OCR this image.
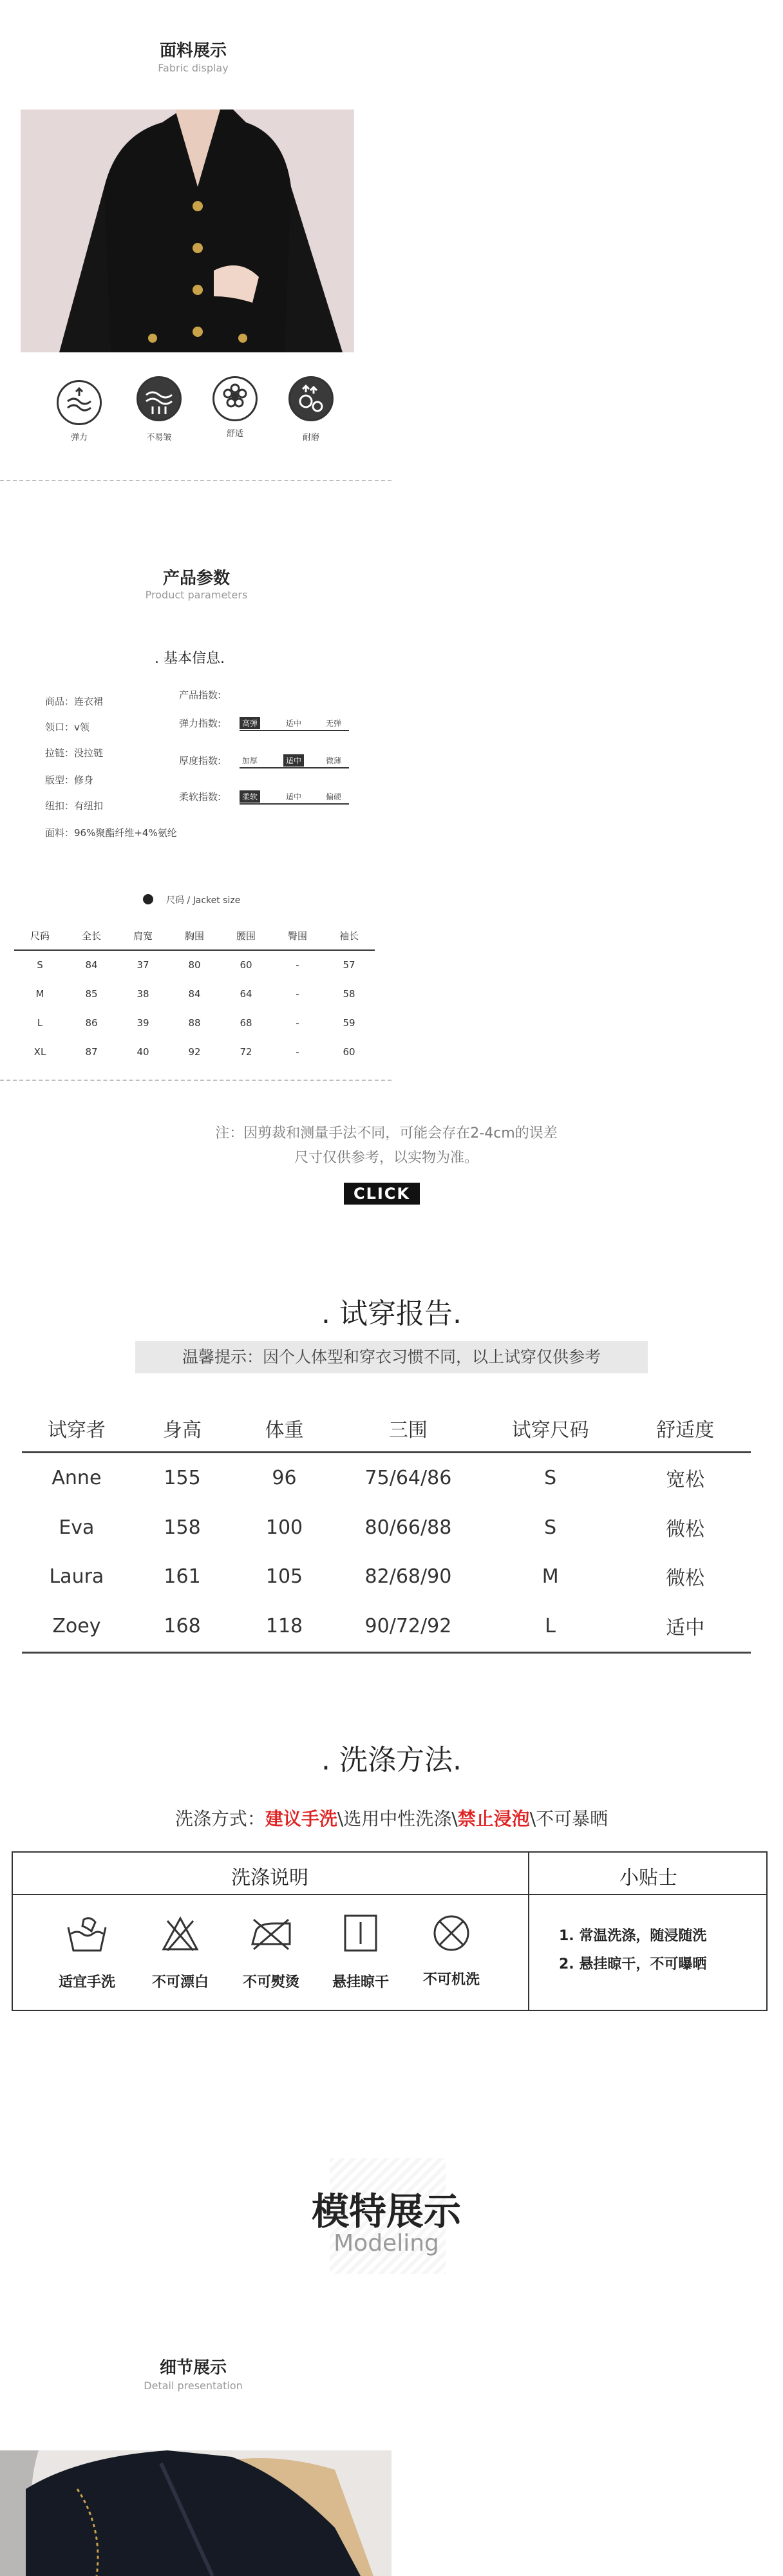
面料展示
Fabric display
弹力	不易皱	舒适	耐磨
产品参数
Product parameters
. 基本信息.
商品：连衣裙
领口：v领
拉链：没拉链
版型：修身
纽扣：有纽扣
面料：96%聚酯纤维+4%氨纶
产品指数:
弹力指数:	高弹	适中	无弹
厚度指数:	加厚	适中	微薄
柔软指数:	柔软	适中	偏硬
尺码 / Jacket size
尺码	全长	肩宽	胸围	腰围	臀围	袖长
S	84	37	80	60	-	57
M	85	38	84	64	-	58
L	86	39	88	68	-	59
XL	87	40	92	72	-	60
注：因剪裁和测量手法不同，可能会存在2-4cm的误差
尺寸仅供参考，以实物为准。
CLICK
. 试穿报告.
温馨提示：因个人体型和穿衣习惯不同，以上试穿仅供参考
试穿者	身高	体重	三围	试穿尺码	舒适度
Anne	155	96	75/64/86	S	宽松
Eva	158	100	80/66/88	S	微松
Laura	161	105	82/68/90	M	微松
Zoey	168	118	90/72/92	L	适中
. 洗涤方法.
洗涤方式：建议手洗\选用中性洗涤\禁止浸泡\不可暴晒
洗涤说明	小贴士
适宜手洗	不可漂白	不可熨烫	悬挂晾干	不可机洗
1. 常温洗涤，随浸随洗
2. 悬挂晾干，不可曝晒
模特展示
Modeling
细节展示
Detail presentation
